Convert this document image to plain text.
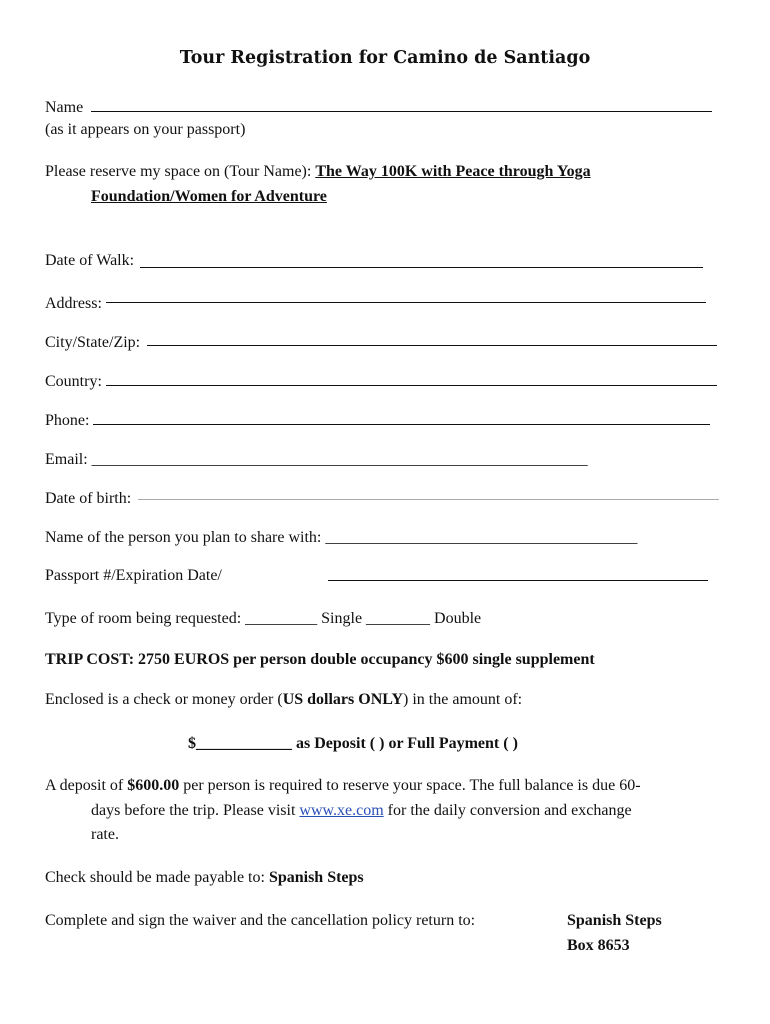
Tour Registration for Camino de Santiago
Name
(as it appears on your passport)
Please reserve my space on (Tour Name): The Way 100K with Peace through Yoga
Foundation/Women for Adventure
Date of Walk:
Address:
City/State/Zip:
Country:
Phone:
Email: ______________________________________________________________
Date of birth:
Name of the person you plan to share with: _______________________________________
Passport #/Expiration Date/
Type of room being requested: _________ Single ________ Double
TRIP COST: 2750 EUROS per person double occupancy $600 single supplement
Enclosed is a check or money order (US dollars ONLY) in the amount of:
$____________ as Deposit ( ) or Full Payment ( )
A deposit of $600.00 per person is required to reserve your space. The full balance is due 60-
days before the trip. Please visit www.xe.com for the daily conversion and exchange
rate.
Check should be made payable to: Spanish Steps
Complete and sign the waiver and the cancellation policy return to:	Spanish Steps
Box 8653
